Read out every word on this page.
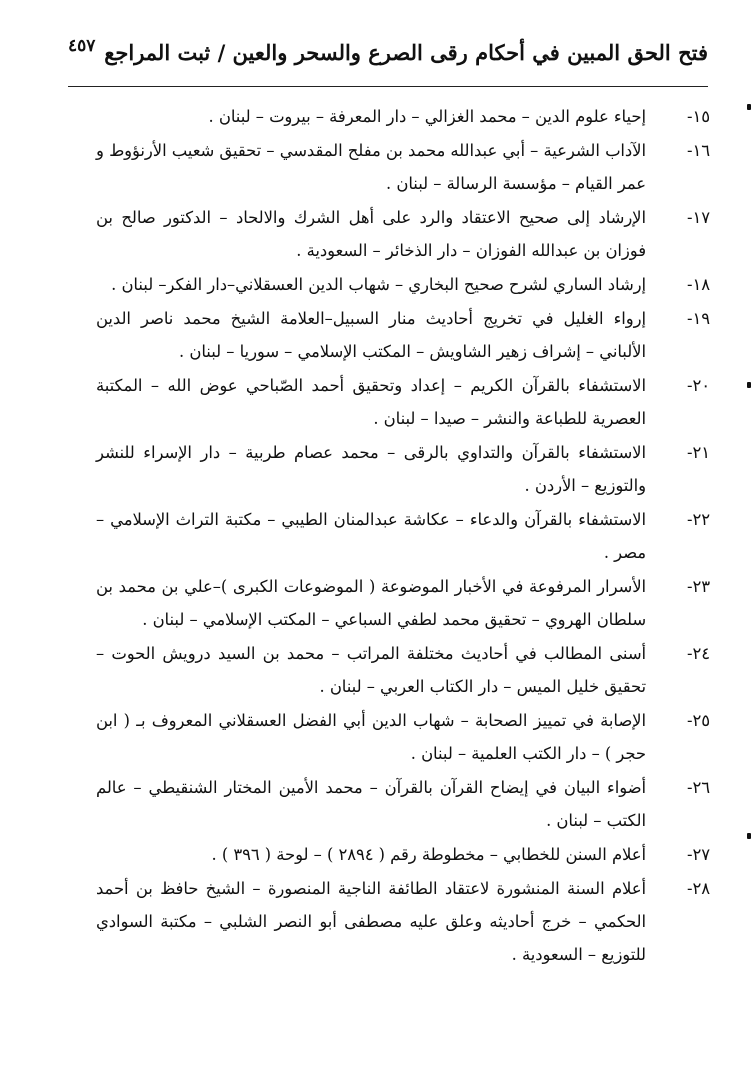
٤٥٧ فتح الحق المبين في أحكام رقى الصرع والسحر والعين / ثبت المراجع
١٥-
إحياء علوم الدين – محمد الغزالي – دار المعرفة – بيروت – لبنان .
١٦-
الآداب الشرعية – أبي عبدالله محمد بن مفلح المقدسي – تحقيق شعيب الأرنؤوط و عمر القيام – مؤسسة الرسالة – لبنان .
١٧-
الإرشاد إلى صحيح الاعتقاد والرد على أهل الشرك والالحاد – الدكتور صالح بن فوزان بن عبدالله الفوزان – دار الذخائر – السعودية .
١٨-
إرشاد الساري لشرح صحيح البخاري – شهاب الدين العسقلاني–دار الفكر– لبنان .
١٩-
إرواء الغليل في تخريج أحاديث منار السبيل–العلامة الشيخ محمد ناصر الدين الألباني – إشراف زهير الشاويش – المكتب الإسلامي – سوريا – لبنان .
٢٠-
الاستشفاء بالقرآن الكريم – إعداد وتحقيق أحمد الصّباحي عوض الله – المكتبة العصرية للطباعة والنشر – صيدا – لبنان .
٢١-
الاستشفاء بالقرآن والتداوي بالرقى – محمد عصام طربية – دار الإسراء للنشر والتوزيع – الأردن .
٢٢-
الاستشفاء بالقرآن والدعاء – عكاشة عبدالمنان الطيبي – مكتبة التراث الإسلامي – مصر .
٢٣-
الأسرار المرفوعة في الأخبار الموضوعة ( الموضوعات الكبرى )–علي بن محمد بن سلطان الهروي – تحقيق محمد لطفي السباعي – المكتب الإسلامي – لبنان .
٢٤-
أسنى المطالب في أحاديث مختلفة المراتب – محمد بن السيد درويش الحوت – تحقيق خليل الميس – دار الكتاب العربي – لبنان .
٢٥-
الإصابة في تمييز الصحابة – شهاب الدين أبي الفضل العسقلاني المعروف بـ ( ابن حجر ) – دار الكتب العلمية – لبنان .
٢٦-
أضواء البيان في إيضاح القرآن بالقرآن – محمد الأمين المختار الشنقيطي – عالم الكتب – لبنان .
٢٧-
أعلام السنن للخطابي – مخطوطة رقم ( ٢٨٩٤ ) – لوحة ( ٣٩٦ ) .
٢٨-
أعلام السنة المنشورة لاعتقاد الطائفة الناجية المنصورة – الشيخ حافظ بن أحمد الحكمي – خرج أحاديثه وعلق عليه مصطفى أبو النصر الشلبي – مكتبة السوادي للتوزيع – السعودية .
